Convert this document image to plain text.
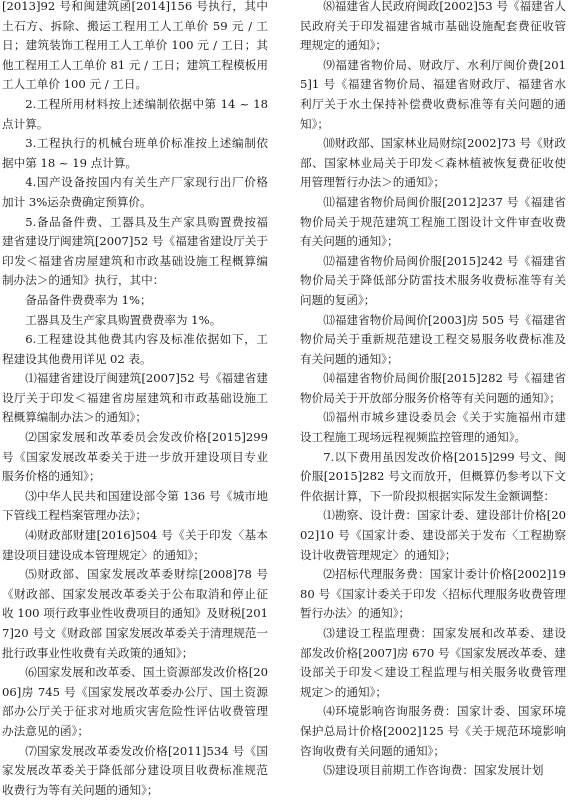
[2013]92 号和闽建筑函[2014]156 号执行，其中土石方、拆除、搬运工程用工人工单价 59 元 / 工日；建筑装饰工程用工人工单价 100 元 / 工日；其他工程用工人工单价 81 元 / 工日；建筑工程模板用工人工单价 100 元 / 工日。

2.工程所用材料按上述编制依据中第 14 ~ 18 点计算。

3.工程执行的机械台班单价标准按上述编制依据中第 18 ~ 19 点计算。

4.国产设备按国内有关生产厂家现行出厂价格加计 3%运杂费确定预算价。

5.备品备件费、工器具及生产家具购置费按福建省建设厅闽建筑[2007]52 号《福建省建设厅关于印发＜福建省房屋建筑和市政基础设施工程概算编制办法＞的通知》执行，其中：

备品备件费费率为 1%；

工器具及生产家具购置费费率为 1%。

6.工程建设其他费其内容及标准依据如下，工程建设其他费用详见 02 表。

⑴福建省建设厅闽建筑[2007]52 号《福建省建设厅关于印发＜福建省房屋建筑和市政基础设施工程概算编制办法＞的通知》；

⑵国家发展和改革委员会发改价格[2015]299 号《国家发展改革委关于进一步放开建设项目专业服务价格的通知》；

⑶中华人民共和国建设部令第 136 号《城市地下管线工程档案管理办法》；

⑷财政部财建[2016]504 号《关于印发〈基本建设项目建设成本管理规定〉的通知》；

⑸财政部、国家发展改革委财综[2008]78 号《财政部、国家发展改革委关于公布取消和停止征收 100 项行政事业性收费项目的通知》及财税[2017]20 号文《财政部 国家发展改革委关于清理规范一批行政事业性收费有关政策的通知》；

⑹国家发展和改革委、国土资源部发改价格[2006]房 745 号《国家发展改革委办公厅、国土资源部办公厅关于征求对地质灾害危险性评估收费管理办法意见的函》；

⑺国家发展改革委发改价格[2011]534 号《国家发展改革委关于降低部分建设项目收费标准规范收费行为等有关问题的通知》；

⑻福建省人民政府闽政[2002]53 号《福建省人民政府关于印发福建省城市基础设施配套费征收管理规定的通知》；

⑼福建省物价局、财政厅、水利厅闽价费[2015]1 号《福建省物价局、福建省财政厅、福建省水利厅关于水土保持补偿费收费标准等有关问题的通知》；

⑽财政部、国家林业局财综[2002]73 号《财政部、国家林业局关于印发＜森林植被恢复费征收使用管理暂行办法＞的通知》；

⑾福建省物价局闽价服[2012]237 号《福建省物价局关于规范建筑工程施工图设计文件审查收费有关问题的通知》；

⑿福建省物价局闽价服[2015]242 号《福建省物价局关于降低部分防雷技术服务收费标准等有关问题的复函》；

⒀福建省物价局闽价[2003]房 505 号《福建省物价局关于重新规范建设工程交易服务收费标准及有关问题的通知》；

⒁福建省物价局闽价服[2015]282 号《福建省物价局关于开放部分服务价格等有关问题的通知》；

⒂福州市城乡建设委员会《关于实施福州市建设工程施工现场远程视频监控管理的通知》。

7.以下费用虽因发改价格[2015]299 号文、闽价服[2015]282 号文而放开，但概算仍参考以下文件依据计算，下一阶段拟根据实际发生金额调整：

⑴勘察、设计费：国家计委、建设部计价格[2002]10 号《国家计委、建设部关于发布〈工程勘察设计收费管理规定〉的通知》；

⑵招标代理服务费：国家计委计价格[2002]1980 号《国家计委关于印发〈招标代理服务收费管理暂行办法〉的通知》；

⑶建设工程监理费：国家发展和改革委、建设部发改价格[2007]房 670 号《国家发展改革委、建设部关于印发＜建设工程监理与相关服务收费管理规定＞的通知》；

⑷环境影响咨询服务费：国家计委、国家环境保护总局计价格[2002]125 号《关于规范环境影响咨询收费有关问题的通知》；

⑸建设项目前期工作咨询费：国家发展计划
